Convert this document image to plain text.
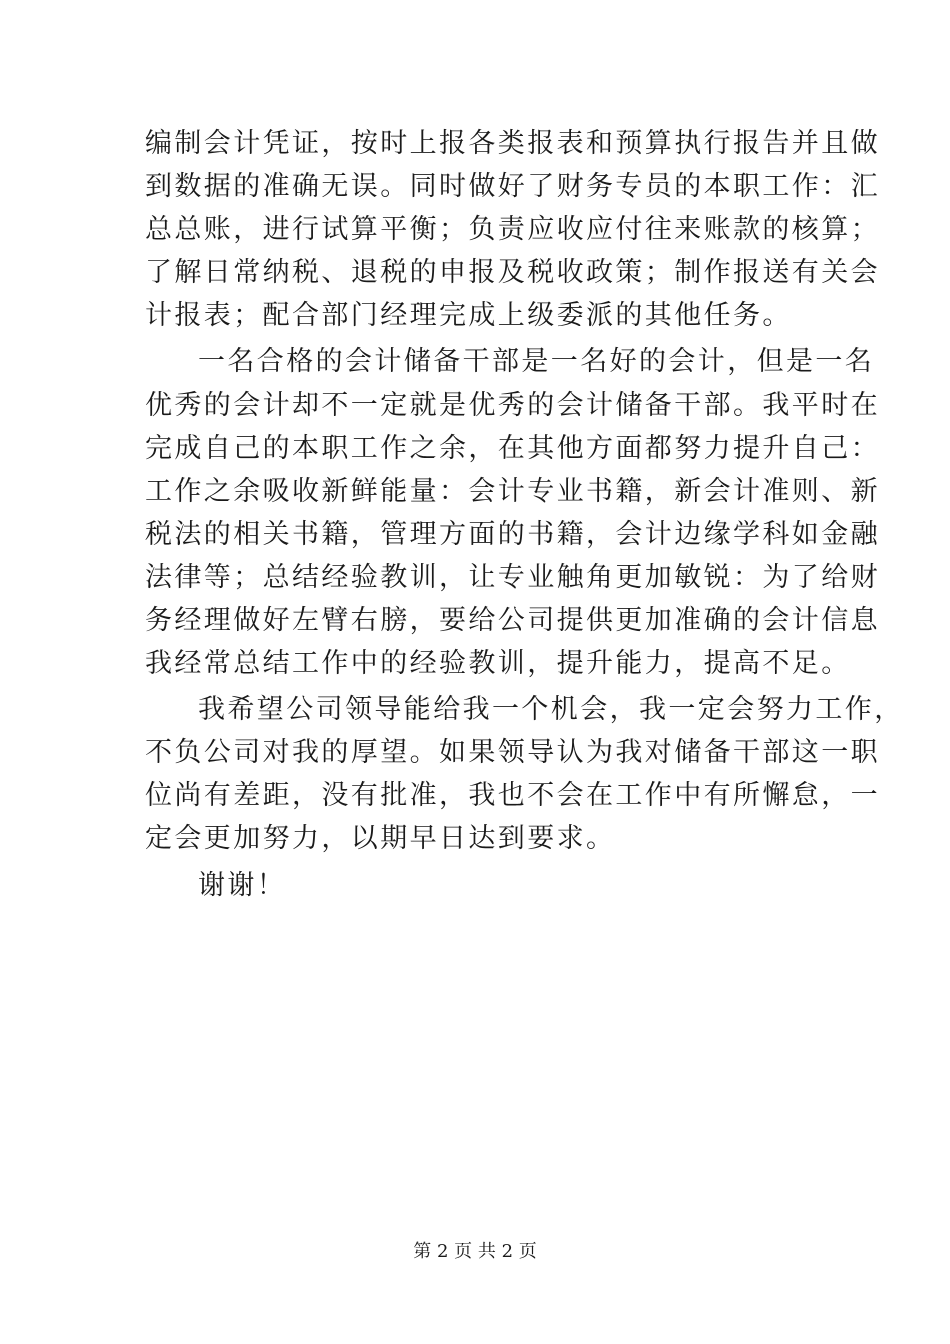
编制会计凭证，按时上报各类报表和预算执行报告并且做
到数据的准确无误。同时做好了财务专员的本职工作：汇
总总账，进行试算平衡；负责应收应付往来账款的核算；
了解日常纳税、退税的申报及税收政策；制作报送有关会
计报表；配合部门经理完成上级委派的其他任务。
一名合格的会计储备干部是一名好的会计，但是一名
优秀的会计却不一定就是优秀的会计储备干部。我平时在
完成自己的本职工作之余，在其他方面都努力提升自己：
工作之余吸收新鲜能量：会计专业书籍，新会计准则、新
税法的相关书籍，管理方面的书籍，会计边缘学科如金融
法律等；总结经验教训，让专业触角更加敏锐：为了给财
务经理做好左臂右膀，要给公司提供更加准确的会计信息
我经常总结工作中的经验教训，提升能力，提高不足。
我希望公司领导能给我一个机会，我一定会努力工作，
不负公司对我的厚望。如果领导认为我对储备干部这一职
位尚有差距，没有批准，我也不会在工作中有所懈怠，一
定会更加努力，以期早日达到要求。
谢谢！
第 2 页 共 2 页
